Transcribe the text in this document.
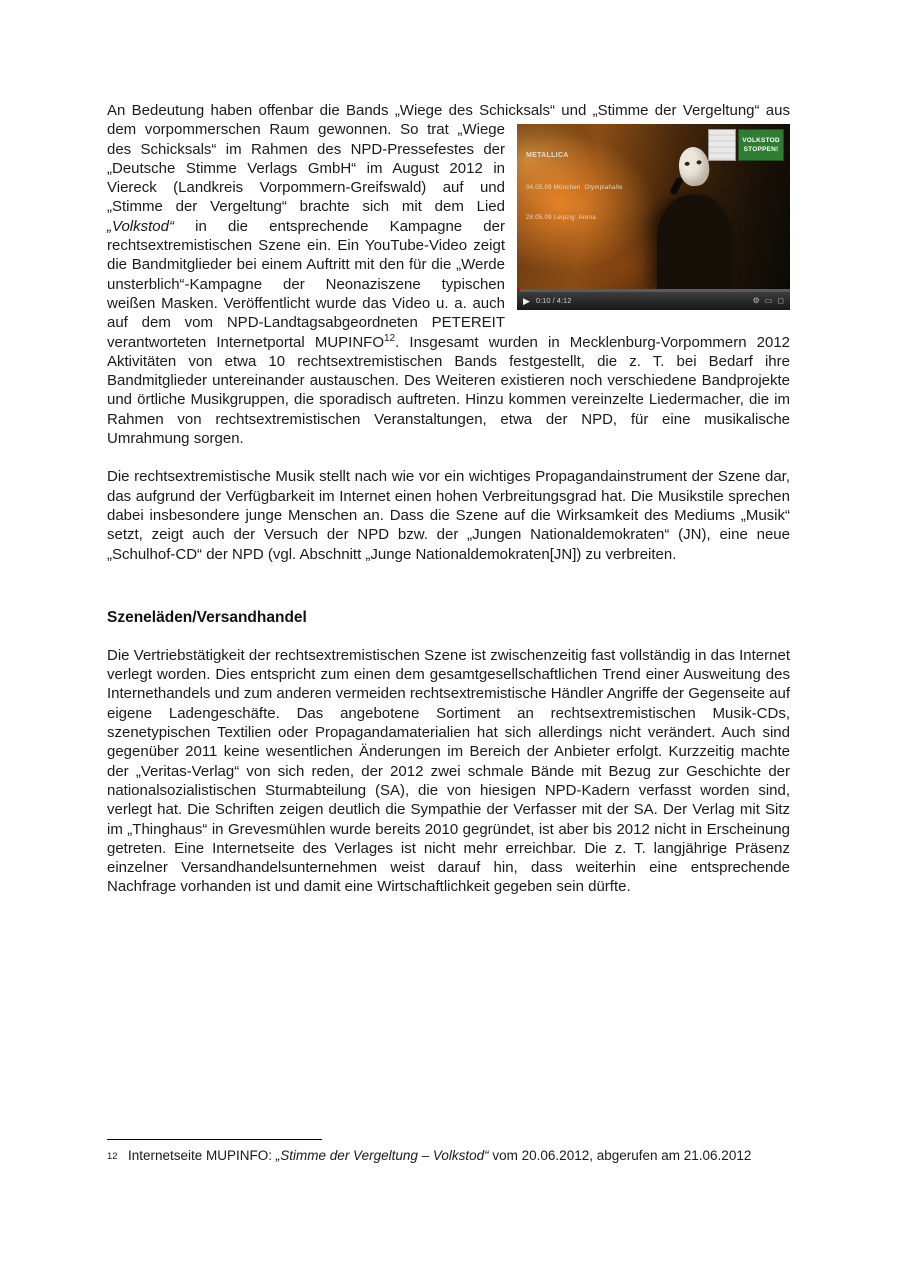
METALLICA

04.05.09 München  Olympiahalle

28.05.09 Leipzig  Arena

VOLKSTOD
STOPPEN!
▶ 0:10 / 4:12	⚙ ▭ ◻
An Bedeutung haben offenbar die Bands „Wiege des Schicksals“ und „Stimme der Vergeltung“ aus dem vorpommerschen Raum gewonnen. So trat „Wiege des Schicksals“ im Rahmen des NPD-Pressefestes der „Deutsche Stimme Verlags GmbH“ im August 2012 in Viereck (Landkreis Vorpommern-Greifswald) auf und „Stimme der Vergeltung“ brachte sich mit dem Lied „Volkstod“ in die entsprechende Kampagne der rechtsextremistischen Szene ein. Ein YouTube-Video zeigt die Bandmitglieder bei einem Auftritt mit den für die „Werde unsterblich“-Kampagne der Neonaziszene typischen weißen Masken. Veröffentlicht wurde das Video u. a. auch auf dem vom NPD-Landtagsabgeordneten PETEREIT verantworteten Internetportal MUPINFO$^{12}$. Insgesamt wurden in Mecklenburg-Vorpommern 2012 Aktivitäten von etwa 10 rechtsextremistischen Bands festgestellt, die z. T. bei Bedarf ihre Bandmitglieder untereinander austauschen. Des Weiteren existieren noch verschiedene Bandprojekte und örtliche Musikgruppen, die sporadisch auftreten. Hinzu kommen vereinzelte Liedermacher, die im Rahmen von rechtsextremistischen Veranstaltungen, etwa der NPD, für eine musikalische Umrahmung sorgen.

Die rechtsextremistische Musik stellt nach wie vor ein wichtiges Propagandainstrument der Szene dar, das aufgrund der Verfügbarkeit im Internet einen hohen Verbreitungsgrad hat. Die Musikstile sprechen dabei insbesondere junge Menschen an. Dass die Szene auf die Wirksamkeit des Mediums „Musik“ setzt, zeigt auch der Versuch der NPD bzw. der „Jungen Nationaldemokraten“ (JN), eine neue „Schulhof-CD“ der NPD (vgl. Abschnitt „Junge Nationaldemokraten[JN]) zu verbreiten.

Szeneläden/Versandhandel

Die Vertriebstätigkeit der rechtsextremistischen Szene ist zwischenzeitig fast vollständig in das Internet verlegt worden. Dies entspricht zum einen dem gesamtgesellschaftlichen Trend einer Ausweitung des Internethandels und zum anderen vermeiden rechtsextremistische Händler Angriffe der Gegenseite auf eigene Ladengeschäfte. Das angebotene Sortiment an rechtsextremistischen Musik-CDs, szenetypischen Textilien oder Propagandamaterialien hat sich allerdings nicht verändert. Auch sind gegenüber 2011 keine wesentlichen Änderungen im Bereich der Anbieter erfolgt. Kurzzeitig machte der „Veritas-Verlag“ von sich reden, der 2012 zwei schmale Bände mit Bezug zur Geschichte der nationalsozialistischen Sturmabteilung (SA), die von hiesigen NPD-Kadern verfasst worden sind, verlegt hat. Die Schriften zeigen deutlich die Sympathie der Verfasser mit der SA. Der Verlag mit Sitz im „Thinghaus“ in Grevesmühlen wurde bereits 2010 gegründet, ist aber bis 2012 nicht in Erscheinung getreten. Eine Internetseite des Verlages ist nicht mehr erreichbar. Die z. T. langjährige Präsenz einzelner Versandhandelsunternehmen weist darauf hin, dass weiterhin eine entsprechende Nachfrage vorhanden ist und damit eine Wirtschaftlichkeit gegeben sein dürfte.

12 Internetseite MUPINFO: „Stimme der Vergeltung – Volkstod“ vom 20.06.2012, abgerufen am 21.06.2012
